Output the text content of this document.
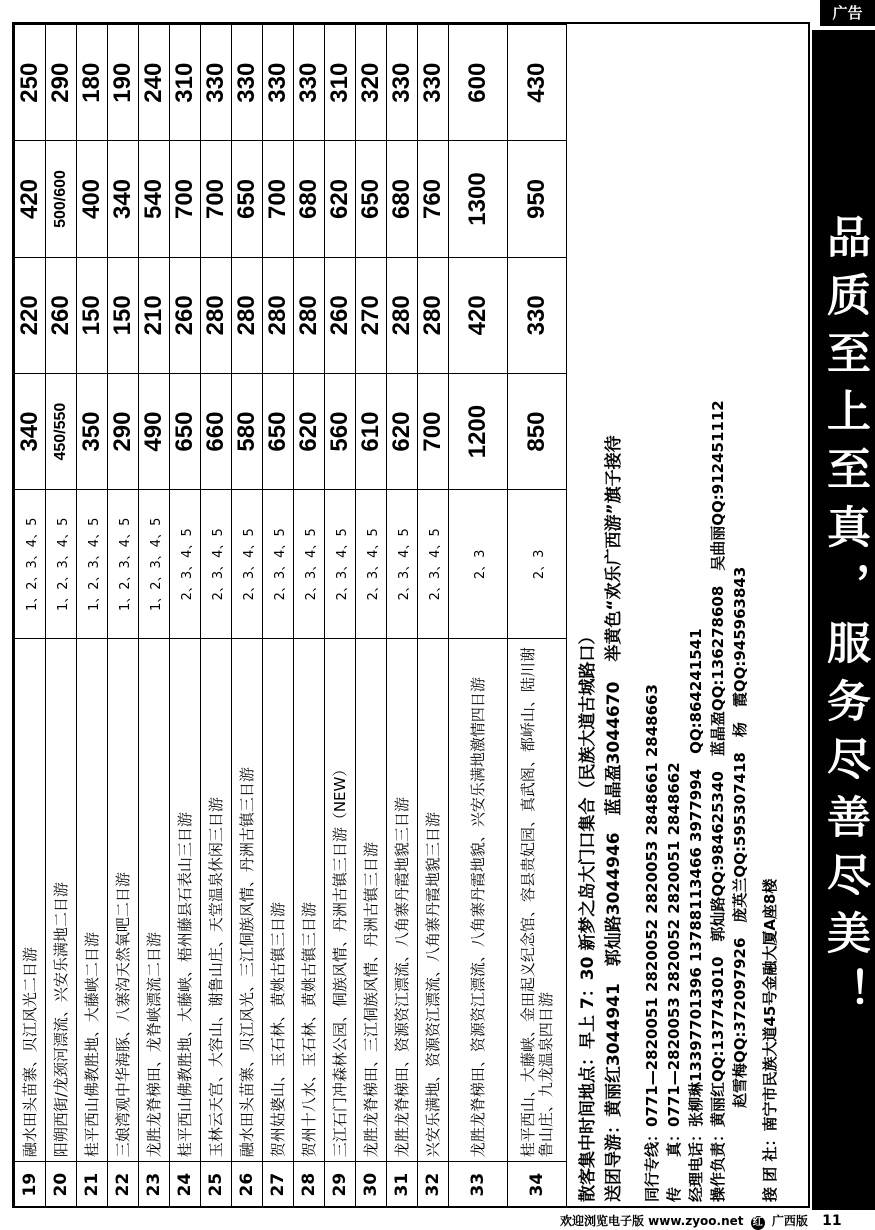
广告
19	融水田头苗寨、贝江风光二日游	1、2、3、4、5	340	220	420	250
20	阳朔西街/龙颈河漂流、兴安乐满地二日游	1、2、3、4、5	450/550	260	500/600	290
21	桂平西山佛教胜地、大藤峡二日游	1、2、3、4、5	350	150	400	180
22	三娘湾观中华海豚、八寨沟天然氧吧二日游	1、2、3、4、5	290	150	340	190
23	龙胜龙脊梯田、龙脊峡漂流二日游	1、2、3、4、5	490	210	540	240
24	桂平西山佛教胜地、大藤峡、梧州藤县石表山三日游	2、3、4、5	650	260	700	310
25	玉林云天宫、大容山、谢鲁山庄、天堂温泉休闲三日游	2、3、4、5	660	280	700	330
26	融水田头苗寨、贝江风光、三江侗族风情、丹洲古镇三日游	2、3、4、5	580	280	650	330
27	贺州姑婆山、玉石林、黄姚古镇三日游	2、3、4、5	650	280	700	330
28	贺州十八水、玉石林、黄姚古镇三日游	2、3、4、5	620	280	680	330
29	三江石门冲森林公园、侗族风情、丹洲古镇三日游（NEW）	2、3、4、5	560	260	620	310
30	龙胜龙脊梯田、三江侗族风情、丹洲古镇三日游	2、3、4、5	610	270	650	320
31	龙胜龙脊梯田、资源资江漂流、八角寨丹霞地貌三日游	2、3、4、5	620	280	680	330
32	兴安乐满地、资源资江漂流、八角寨丹霞地貌三日游	2、3、4、5	700	280	760	330
33	龙胜龙脊梯田、资源资江漂流、八角寨丹霞地貌、兴安乐满地激情四日游	2、3	1200	420	1300	600
34	桂平西山、大藤峡、金田起义纪念馆、容县贵妃园、真武阁、都峤山、陆川谢鲁山庄、九龙温泉四日游	2、3	850	330	950	430
散客集中时间地点：早上 7：30 新梦之岛大门口集合（民族大道古城路口）
送团导游：黄丽红3044941　郭灿路3044946　蓝晶盈3044670 举黄色“欢乐广西游”旗子接待
同行专线：0771—2820051 2820052 2820053 2848661 2848663 传　　真：0771—2820053 2820052 2820051 2848662 经理电话：张柳琳13397701396 13788113466 3977994　QQ:864241541 操作负责：黄丽红QQ:137743010　郭灿路QQ:984625340　蓝晶盈QQ:136278608　吴曲丽QQ:912451112 赵雪梅QQ:372097926　庞英兰QQ:595307418　杨　霞QQ:945963843 接 团 社：南宁市民族大道45号金融大厦A座8楼
品质至上至真，服务尽善尽美！
欢迎浏览电子版 www.zyoo.net 红 广西版 11
